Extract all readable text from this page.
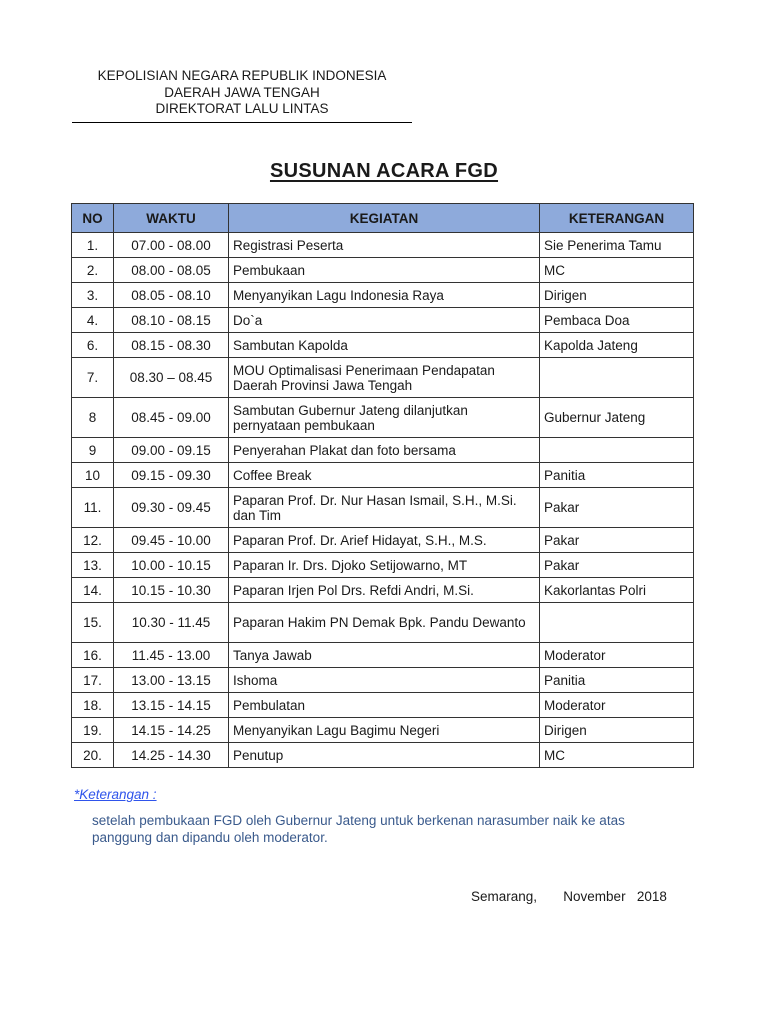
KEPOLISIAN NEGARA REPUBLIK INDONESIA
DAERAH JAWA TENGAH
DIREKTORAT LALU LINTAS
SUSUNAN ACARA FGD
NO	WAKTU	KEGIATAN	KETERANGAN
1.	07.00 - 08.00	Registrasi Peserta	Sie Penerima Tamu
2.	08.00 - 08.05	Pembukaan	MC
3.	08.05 - 08.10	Menyanyikan Lagu Indonesia Raya	Dirigen
4.	08.10 - 08.15	Do`a	Pembaca Doa
6.	08.15 - 08.30	Sambutan Kapolda	Kapolda Jateng
7.	08.30 – 08.45	MOU Optimalisasi Penerimaan Pendapatan Daerah Provinsi Jawa Tengah	
8	08.45 - 09.00	Sambutan Gubernur Jateng dilanjutkan pernyataan pembukaan	Gubernur Jateng
9	09.00 - 09.15	Penyerahan Plakat dan foto bersama	
10	09.15 - 09.30	Coffee Break	Panitia
11.	09.30 - 09.45	Paparan Prof. Dr. Nur Hasan Ismail, S.H., M.Si. dan Tim	Pakar
12.	09.45 - 10.00	Paparan Prof. Dr. Arief Hidayat, S.H., M.S.	Pakar
13.	10.00 - 10.15	Paparan Ir. Drs. Djoko Setijowarno, MT	Pakar
14.	10.15 - 10.30	Paparan Irjen Pol Drs. Refdi Andri, M.Si.	Kakorlantas Polri
15.	10.30 - 11.45	Paparan Hakim PN Demak Bpk. Pandu Dewanto	
16.	11.45 - 13.00	Tanya Jawab	Moderator
17.	13.00 - 13.15	Ishoma	Panitia
18.	13.15 - 14.15	Pembulatan	Moderator
19.	14.15 - 14.25	Menyanyikan Lagu Bagimu Negeri	Dirigen
20.	14.25 - 14.30	Penutup	MC
*Keterangan :
setelah pembukaan FGD oleh Gubernur Jateng untuk berkenan narasumber naik ke atas panggung dan dipandu oleh moderator.
Semarang,       November   2018
